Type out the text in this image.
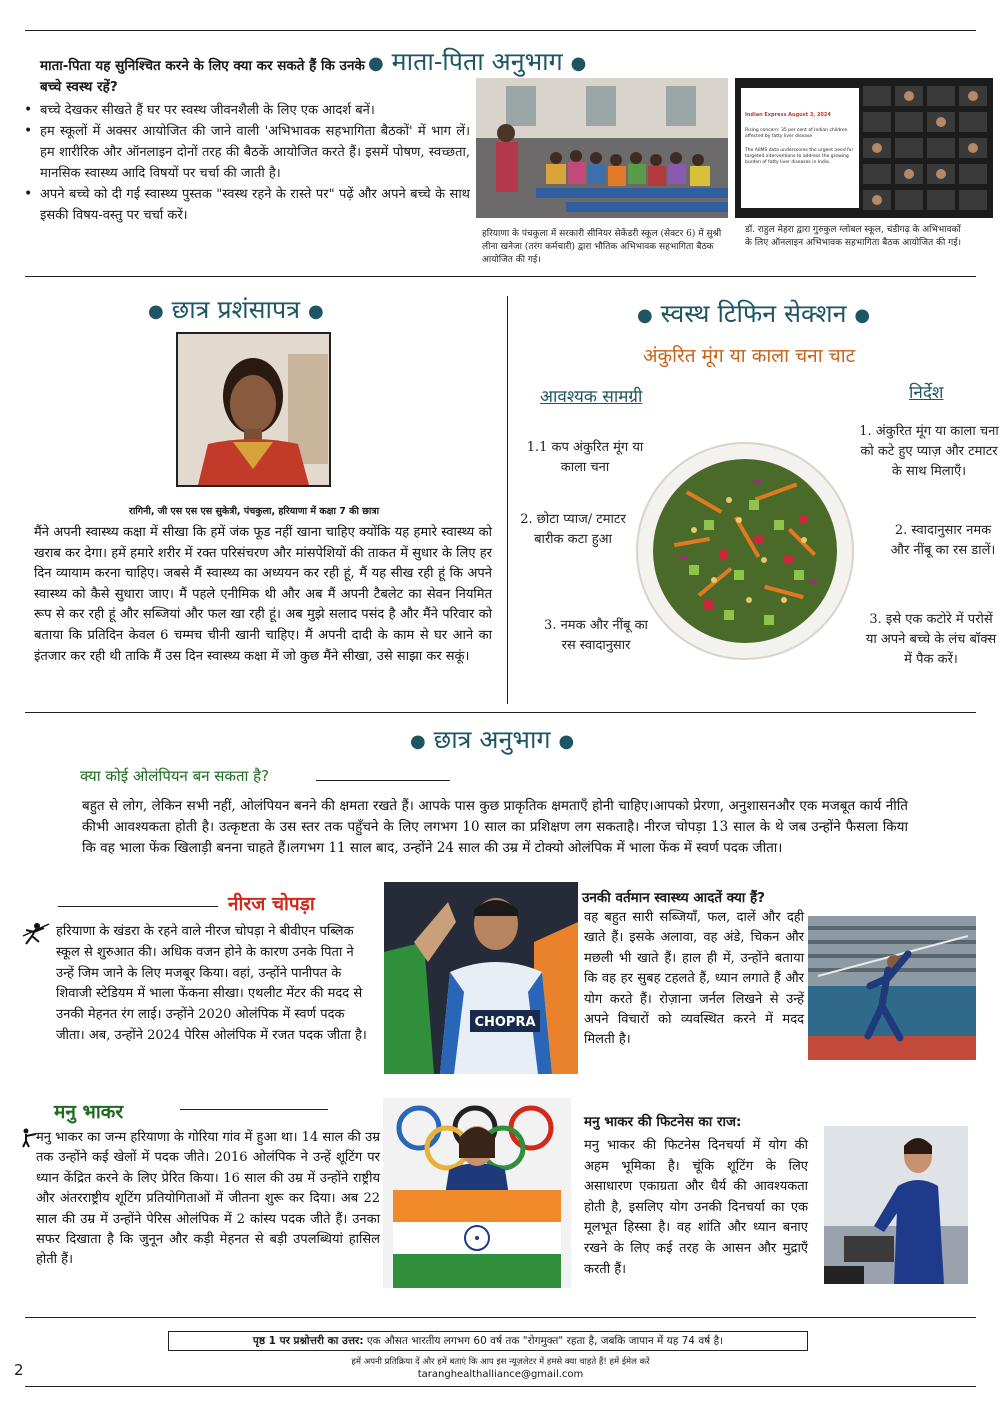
● माता-पिता अनुभाग ●
माता-पिता यह सुनिश्चित करने के लिए क्या कर सकते हैं कि उनके बच्चे स्वस्थ रहें?
• बच्चे देखकर सीखते हैं घर पर स्वस्थ जीवनशैली के लिए एक आदर्श बनें।
• हम स्कूलों में अक्सर आयोजित की जाने वाली 'अभिभावक सहभागिता बैठकों' में भाग लें। हम शारीरिक और ऑनलाइन दोनों तरह की बैठकें आयोजित करते हैं। इसमें पोषण, स्वच्छता, मानसिक स्वास्थ्य आदि विषयों पर चर्चा की जाती है।
• अपने बच्चे को दी गई स्वास्थ्य पुस्तक "स्वस्थ रहने के रास्ते पर" पढ़ें और अपने बच्चे के साथ इसकी विषय-वस्तु पर चर्चा करें।
हरियाणा के पंचकुला में सरकारी सीनियर सेकेंडरी स्कूल (सेक्टर 6) में सुश्री लीना खनेजा (तरंग कर्मचारी) द्वारा भौतिक अभिभावक सहभागिता बैठक आयोजित की गई।
Indian Express August 3, 2024
Rising concern: 35 per cent of Indian children affected by fatty liver disease
The AIIMS data underscores the urgent need for targeted interventions to address the growing burden of fatty liver diseases in India.
डॉ. राहुल मेहरा द्वारा गुरुकुल ग्लोबल स्कूल, चंडीगढ़ के अभिभावकों के लिए ऑनलाइन अभिभावक सहभागिता बैठक आयोजित की गई।
● छात्र प्रशंसापत्र ●
रागिनी, जी एस एस एस सुकेत्री, पंचकुला, हरियाणा में कक्षा 7 की छात्रा
मैंने अपनी स्वास्थ्य कक्षा में सीखा कि हमें जंक फूड नहीं खाना चाहिए क्योंकि यह हमारे स्वास्थ्य को खराब कर देगा। हमें हमारे शरीर में रक्त परिसंचरण और मांसपेशियों की ताकत में सुधार के लिए हर दिन व्यायाम करना चाहिए। जबसे मैं स्वास्थ्य का अध्ययन कर रही हूं, मैं यह सीख रही हूं कि अपने स्वास्थ्य को कैसे सुधारा जाए। मैं पहले एनीमिक थी और अब मैं अपनी टैबलेट का सेवन नियमित रूप से कर रही हूं और सब्जियां और फल खा रही हूं। अब मुझे सलाद पसंद है और मैंने परिवार को बताया कि प्रतिदिन केवल 6 चम्मच चीनी खानी चाहिए। मैं अपनी दादी के काम से घर आने का इंतजार कर रही थी ताकि मैं उस दिन स्वास्थ्य कक्षा में जो कुछ मैंने सीखा, उसे साझा कर सकूं।
● स्वस्थ टिफिन सेक्शन ●
अंकुरित मूंग या काला चना चाट
आवश्यक सामग्री	निर्देश
1.1 कप अंकुरित मूंग या काला चना
2. छोटा प्याज/ टमाटर बारीक कटा हुआ
3. नमक और नींबू का रस स्वादानुसार
1. अंकुरित मूंग या काला चना को कटे हुए प्याज़ और टमाटर के साथ मिलाएँ।
2. स्वादानुसार नमक और नींबू का रस डालें।
3. इसे एक कटोरे में परोसें या अपने बच्चे के लंच बॉक्स में पैक करें।
● छात्र अनुभाग ●
क्या कोई ओलंपियन बन सकता है?
बहुत से लोग, लेकिन सभी नहीं, ओलंपियन बनने की क्षमता रखते हैं। आपके पास कुछ प्राकृतिक क्षमताएँ होनी चाहिए।आपको प्रेरणा, अनुशासनऔर एक मजबूत कार्य नीति कीभी आवश्यकता होती है। उत्कृष्टता के उस स्तर तक पहुँचने के लिए लगभग 10 साल का प्रशिक्षण लग सकताहै। नीरज चोपड़ा 13 साल के थे जब उन्होंने फैसला किया कि वह भाला फेंक खिलाड़ी बनना चाहते हैं।लगभग 11 साल बाद, उन्होंने 24 साल की उम्र में टोक्यो ओलंपिक में भाला फेंक में स्वर्ण पदक जीता।
नीरज चोपड़ा
हरियाणा के खंडरा के रहने वाले नीरज चोपड़ा ने बीवीएन पब्लिक स्कूल से शुरुआत की। अधिक वजन होने के कारण उनके पिता ने उन्हें जिम जाने के लिए मजबूर किया। वहां, उन्होंने पानीपत के शिवाजी स्टेडियम में भाला फेंकना सीखा। एथलीट मेंटर की मदद से उनकी मेहनत रंग लाई। उन्होंने 2020 ओलंपिक में स्वर्ण पदक जीता। अब, उन्होंने 2024 पेरिस ओलंपिक में रजत पदक जीता है।
CHOPRA
उनकी वर्तमान स्वास्थ्य आदतें क्या हैं?
वह बहुत सारी सब्जियाँ, फल, दालें और दही खाते हैं। इसके अलावा, वह अंडे, चिकन और मछली भी खाते हैं। हाल ही में, उन्होंने बताया कि वह हर सुबह टहलते हैं, ध्यान लगाते हैं और योग करते हैं। रोज़ाना जर्नल लिखने से उन्हें अपने विचारों को व्यवस्थित करने में मदद मिलती है।
मनु भाकर
मनु भाकर का जन्म हरियाणा के गोरिया गांव में हुआ था। 14 साल की उम्र तक उन्होंने कई खेलों में पदक जीते। 2016 ओलंपिक ने उन्हें शूटिंग पर ध्यान केंद्रित करने के लिए प्रेरित किया। 16 साल की उम्र में उन्होंने राष्ट्रीय और अंतरराष्ट्रीय शूटिंग प्रतियोगिताओं में जीतना शुरू कर दिया। अब 22 साल की उम्र में उन्होंने पेरिस ओलंपिक में 2 कांस्य पदक जीते हैं। उनका सफर दिखाता है कि जुनून और कड़ी मेहनत से बड़ी उपलब्धियां हासिल होती हैं।
मनु भाकर की फिटनेस का राज:
मनु भाकर की फिटनेस दिनचर्या में योग की अहम भूमिका है। चूंकि शूटिंग के लिए असाधारण एकाग्रता और धैर्य की आवश्यकता होती है, इसलिए योग उनकी दिनचर्या का एक मूलभूत हिस्सा है। वह शांति और ध्यान बनाए रखने के लिए कई तरह के आसन और मुद्राएँ करती हैं।
पृष्ठ 1 पर प्रश्नोत्तरी का उत्तर:
एक औसत भारतीय लगभग 60 वर्ष तक "रोगमुक्त" रहता है, जबकि जापान में यह 74 वर्ष है।
हमें अपनी प्रतिक्रिया दें और हमें बताएं कि आप इस न्यूज़लेटर में हमसे क्या चाहते हैं! हमें ईमेल करें
taranghealthalliance@gmail.com
2
